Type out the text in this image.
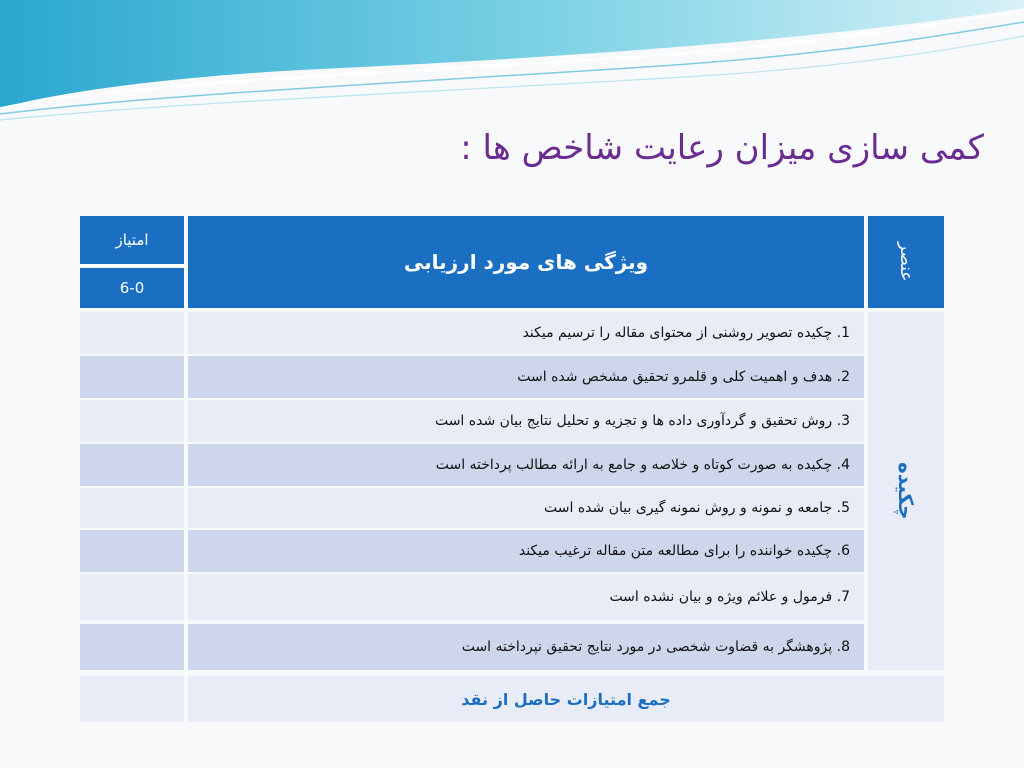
کمی سازی میزان رعایت شاخص ها :
امتیاز
6-0
ویژگی های مورد ارزیابی	عنصر
چکیده
1. چکیده تصویر روشنی از محتوای مقاله را ترسیم میکند
2. هدف و اهمیت کلی و قلمرو تحقیق مشخص شده است
3. روش تحقیق و گردآوری داده ها و تجزیه و تحلیل نتایج بیان شده است
4. چکیده به صورت کوتاه و خلاصه و جامع به ارائه مطالب پرداخته است
5. جامعه و نمونه و روش نمونه گیری بیان شده است
6. چکیده خواننده را برای مطالعه متن مقاله ترغیب میکند
7. فرمول و علائم ویژه و بیان نشده است
8. پژوهشگر به قضاوت شخصی در مورد نتایج تحقیق نپرداخته است
جمع امتیازات حاصل از نقد
